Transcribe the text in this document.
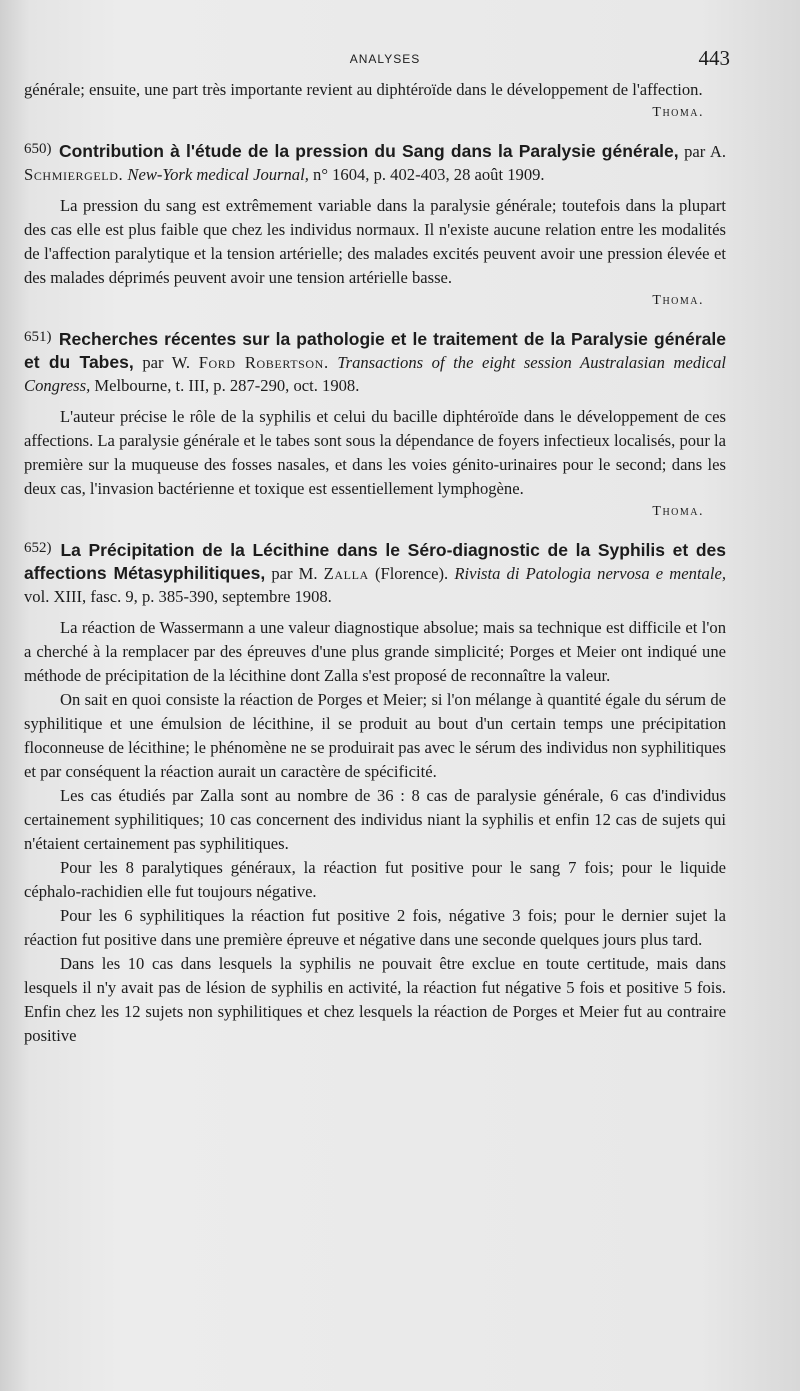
ANALYSES	443

générale; ensuite, une part très importante revient au diphtéroïde dans le développement de l'affection.

Thoma.

650) Contribution à l'étude de la pression du Sang dans la Paralysie générale, par A. Schmiergeld. New-York medical Journal, n° 1604, p. 402-403, 28 août 1909.

La pression du sang est extrêmement variable dans la paralysie générale; toutefois dans la plupart des cas elle est plus faible que chez les individus normaux. Il n'existe aucune relation entre les modalités de l'affection paralytique et la tension artérielle; des malades excités peuvent avoir une pression élevée et des malades déprimés peuvent avoir une tension artérielle basse.

Thoma.

651) Recherches récentes sur la pathologie et le traitement de la Paralysie générale et du Tabes, par W. Ford Robertson. Transactions of the eight session Australasian medical Congress, Melbourne, t. III, p. 287-290, oct. 1908.

L'auteur précise le rôle de la syphilis et celui du bacille diphtéroïde dans le développement de ces affections. La paralysie générale et le tabes sont sous la dépendance de foyers infectieux localisés, pour la première sur la muqueuse des fosses nasales, et dans les voies génito-urinaires pour le second; dans les deux cas, l'invasion bactérienne et toxique est essentiellement lymphogène.

Thoma.

652) La Précipitation de la Lécithine dans le Séro-diagnostic de la Syphilis et des affections Métasyphilitiques, par M. Zalla (Florence). Rivista di Patologia nervosa e mentale, vol. XIII, fasc. 9, p. 385-390, septembre 1908.

La réaction de Wassermann a une valeur diagnostique absolue; mais sa technique est difficile et l'on a cherché à la remplacer par des épreuves d'une plus grande simplicité; Porges et Meier ont indiqué une méthode de précipitation de la lécithine dont Zalla s'est proposé de reconnaître la valeur.

On sait en quoi consiste la réaction de Porges et Meier; si l'on mélange à quantité égale du sérum de syphilitique et une émulsion de lécithine, il se produit au bout d'un certain temps une précipitation floconneuse de lécithine; le phénomène ne se produirait pas avec le sérum des individus non syphilitiques et par conséquent la réaction aurait un caractère de spécificité.

Les cas étudiés par Zalla sont au nombre de 36 : 8 cas de paralysie générale, 6 cas d'individus certainement syphilitiques; 10 cas concernent des individus niant la syphilis et enfin 12 cas de sujets qui n'étaient certainement pas syphilitiques.

Pour les 8 paralytiques généraux, la réaction fut positive pour le sang 7 fois; pour le liquide céphalo-rachidien elle fut toujours négative.

Pour les 6 syphilitiques la réaction fut positive 2 fois, négative 3 fois; pour le dernier sujet la réaction fut positive dans une première épreuve et négative dans une seconde quelques jours plus tard.

Dans les 10 cas dans lesquels la syphilis ne pouvait être exclue en toute certitude, mais dans lesquels il n'y avait pas de lésion de syphilis en activité, la réaction fut négative 5 fois et positive 5 fois. Enfin chez les 12 sujets non syphilitiques et chez lesquels la réaction de Porges et Meier fut au contraire positive
